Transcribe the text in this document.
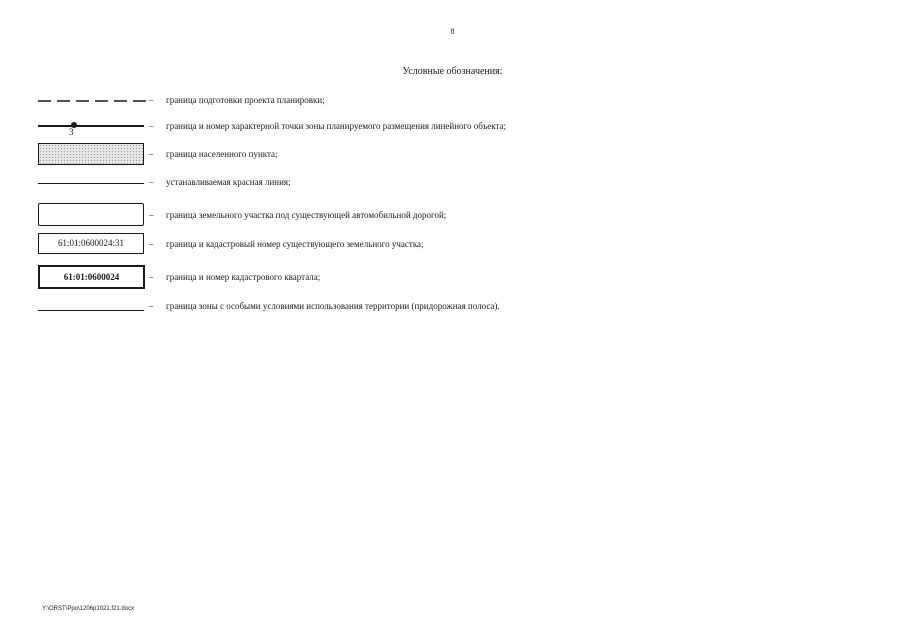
8
Условные обозначения:
– граница подготовки проекта планировки;
3
– граница и номер характерной точки зоны планируемого размещения линейного объекта;
– граница населенного пункта;
– устанавливаемая красная линия;
– граница земельного участка под существующей автомобильной дорогой;
61:01:0600024:31	– граница и кадастровый номер существующего земельного участка;
61:01:0600024	– граница и номер кадастрового квартала;
– граница зоны с особыми условиями использования территории (придорожная полоса).
Y:\ORST\Ppo\1206p1021.f21.docx
